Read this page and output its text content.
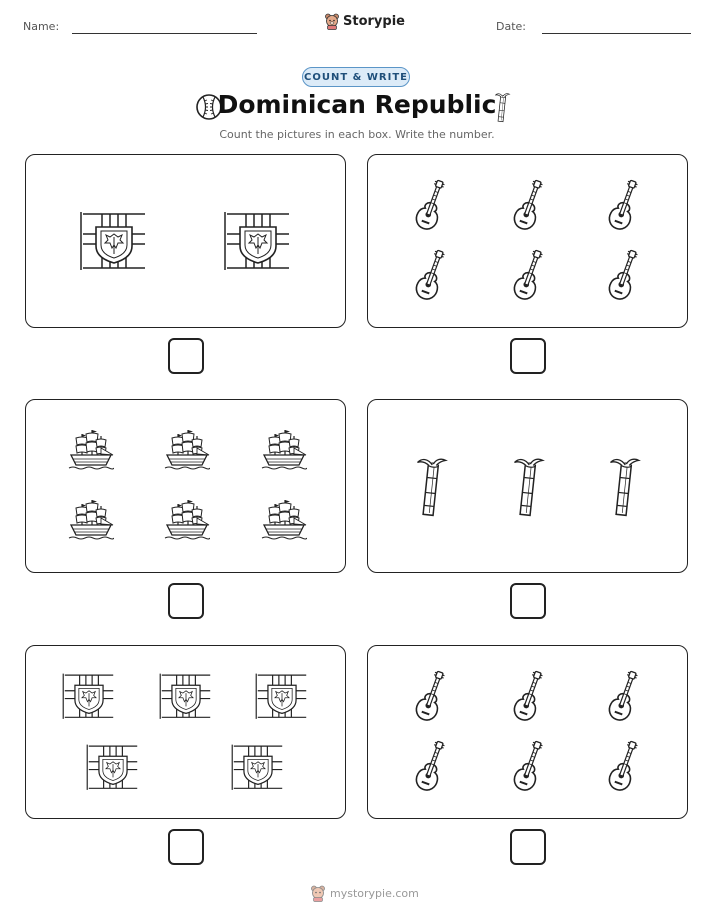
Name:	Storypie	Date:
COUNT & WRITE
Dominican Republic
Count the pictures in each box. Write the number.
mystorypie.com
